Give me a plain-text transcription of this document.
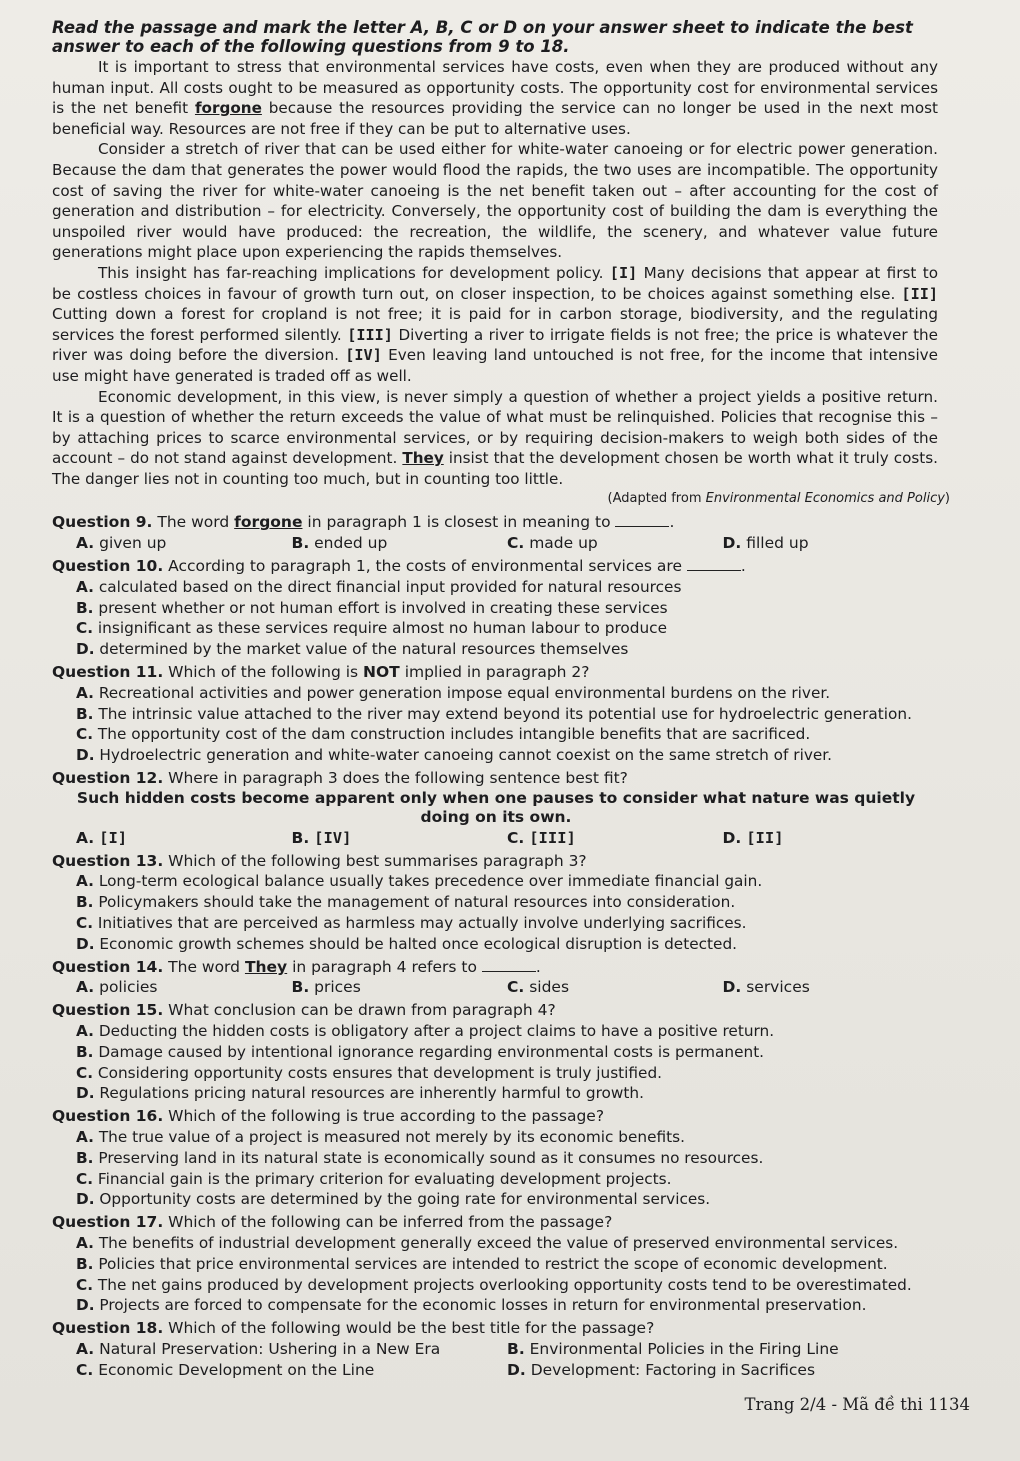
Read the passage and mark the letter A, B, C or D on your answer sheet to indicate the best answer to each of the following questions from 9 to 18.

It is important to stress that environmental services have costs, even when they are produced without any human input. All costs ought to be measured as opportunity costs. The opportunity cost for environmental services is the net benefit forgone because the resources providing the service can no longer be used in the next most beneficial way. Resources are not free if they can be put to alternative uses.

Consider a stretch of river that can be used either for white-water canoeing or for electric power generation. Because the dam that generates the power would flood the rapids, the two uses are incompatible. The opportunity cost of saving the river for white-water canoeing is the net benefit taken out – after accounting for the cost of generation and distribution – for electricity. Conversely, the opportunity cost of building the dam is everything the unspoiled river would have produced: the recreation, the wildlife, the scenery, and whatever value future generations might place upon experiencing the rapids themselves.

This insight has far-reaching implications for development policy. [I] Many decisions that appear at first to be costless choices in favour of growth turn out, on closer inspection, to be choices against something else. [II] Cutting down a forest for cropland is not free; it is paid for in carbon storage, biodiversity, and the regulating services the forest performed silently. [III] Diverting a river to irrigate fields is not free; the price is whatever the river was doing before the diversion. [IV] Even leaving land untouched is not free, for the income that intensive use might have generated is traded off as well.

Economic development, in this view, is never simply a question of whether a project yields a positive return. It is a question of whether the return exceeds the value of what must be relinquished. Policies that recognise this – by attaching prices to scarce environmental services, or by requiring decision-makers to weigh both sides of the account – do not stand against development. They insist that the development chosen be worth what it truly costs. The danger lies not in counting too much, but in counting too little.

(Adapted from Environmental Economics and Policy)
Question 9. The word forgone in paragraph 1 is closest in meaning to	.
A. given up	B. ended up	C. made up	D. filled up
Question 10. According to paragraph 1, the costs of environmental services are	.
A. calculated based on the direct financial input provided for natural resources
B. present whether or not human effort is involved in creating these services
C. insignificant as these services require almost no human labour to produce
D. determined by the market value of the natural resources themselves
Question 11. Which of the following is NOT implied in paragraph 2?
A. Recreational activities and power generation impose equal environmental burdens on the river.
B. The intrinsic value attached to the river may extend beyond its potential use for hydroelectric generation.
C. The opportunity cost of the dam construction includes intangible benefits that are sacrificed.
D. Hydroelectric generation and white-water canoeing cannot coexist on the same stretch of river.
Question 12. Where in paragraph 3 does the following sentence best fit?
Such hidden costs become apparent only when one pauses to consider what nature was quietly doing on its own.
A. [I]	B. [IV]	C. [III]	D. [II]
Question 13. Which of the following best summarises paragraph 3?
A. Long-term ecological balance usually takes precedence over immediate financial gain.
B. Policymakers should take the management of natural resources into consideration.
C. Initiatives that are perceived as harmless may actually involve underlying sacrifices.
D. Economic growth schemes should be halted once ecological disruption is detected.
Question 14. The word They in paragraph 4 refers to	.
A. policies	B. prices	C. sides	D. services
Question 15. What conclusion can be drawn from paragraph 4?
A. Deducting the hidden costs is obligatory after a project claims to have a positive return.
B. Damage caused by intentional ignorance regarding environmental costs is permanent.
C. Considering opportunity costs ensures that development is truly justified.
D. Regulations pricing natural resources are inherently harmful to growth.
Question 16. Which of the following is true according to the passage?
A. The true value of a project is measured not merely by its economic benefits.
B. Preserving land in its natural state is economically sound as it consumes no resources.
C. Financial gain is the primary criterion for evaluating development projects.
D. Opportunity costs are determined by the going rate for environmental services.
Question 17. Which of the following can be inferred from the passage?
A. The benefits of industrial development generally exceed the value of preserved environmental services.
B. Policies that price environmental services are intended to restrict the scope of economic development.
C. The net gains produced by development projects overlooking opportunity costs tend to be overestimated.
D. Projects are forced to compensate for the economic losses in return for environmental preservation.
Question 18. Which of the following would be the best title for the passage?
A. Natural Preservation: Ushering in a New Era	B. Environmental Policies in the Firing Line
C. Economic Development on the Line	D. Development: Factoring in Sacrifices
Trang 2/4 - Mã đề thi 1134
